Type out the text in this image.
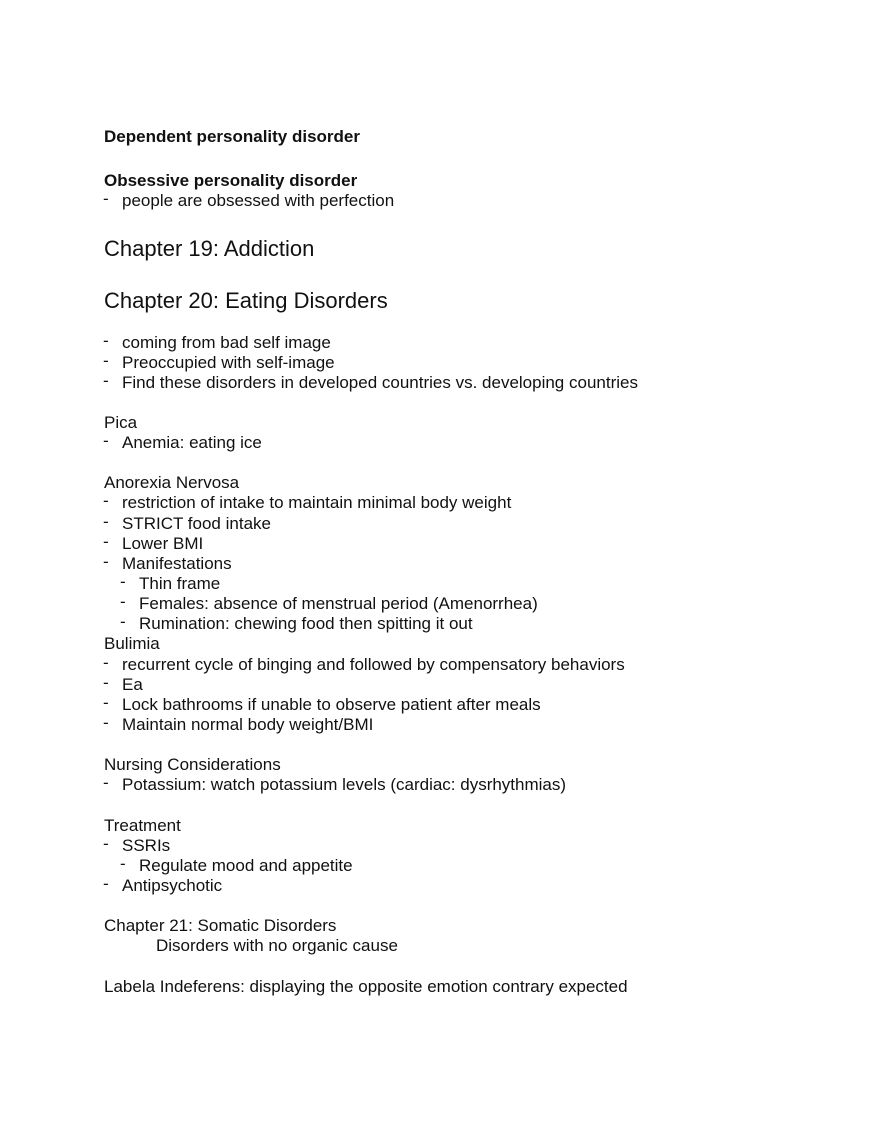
Dependent personality disorder
Obsessive personality disorder
- people are obsessed with perfection
Chapter 19: Addiction
Chapter 20: Eating Disorders
- coming from bad self image
- Preoccupied with self-image
- Find these disorders in developed countries vs. developing countries
Pica
- Anemia: eating ice
Anorexia Nervosa
- restriction of intake to maintain minimal body weight
- STRICT food intake
- Lower BMI
- Manifestations
- Thin frame
- Females: absence of menstrual period (Amenorrhea)
- Rumination: chewing food then spitting it out
Bulimia
- recurrent cycle of binging and followed by compensatory behaviors
- Ea
- Lock bathrooms if unable to observe patient after meals
- Maintain normal body weight/BMI
Nursing Considerations
- Potassium: watch potassium levels (cardiac: dysrhythmias)
Treatment
- SSRIs
- Regulate mood and appetite
- Antipsychotic
Chapter 21: Somatic Disorders
Disorders with no organic cause
Labela Indeferens: displaying the opposite emotion contrary expected
